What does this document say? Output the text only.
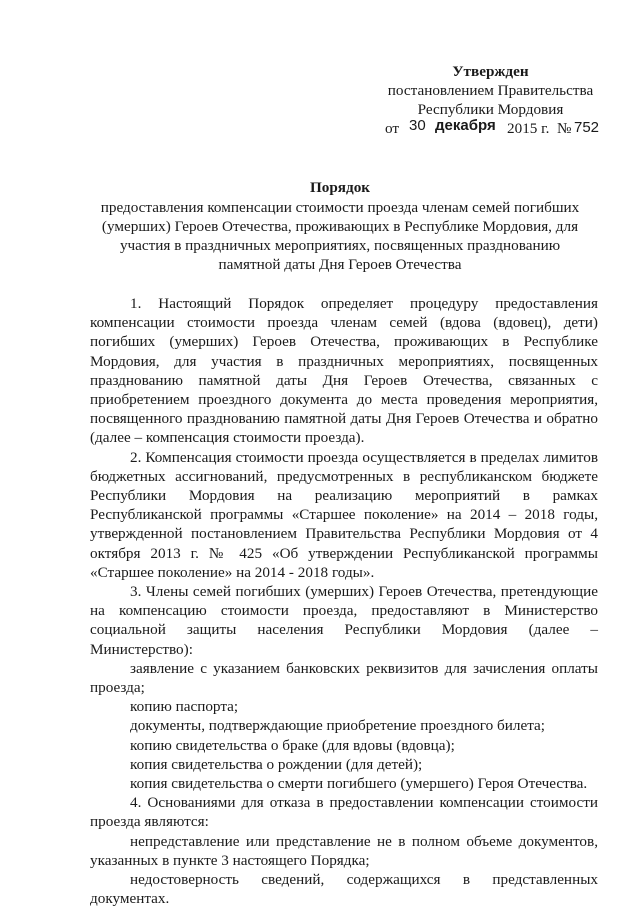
Утвержден
постановлением Правительства
Республики Мордовия
от 30 декабря 2015 г. № 752
Порядок
предоставления компенсации стоимости проезда членам семей погибших
(умерших) Героев Отечества, проживающих в Республике Мордовия, для
участия в праздничных мероприятиях, посвященных празднованию
памятной даты Дня Героев Отечества

1. Настоящий Порядок определяет процедуру предоставления компенсации стоимости проезда членам семей (вдова (вдовец), дети) погибших (умерших) Героев Отечества, проживающих в Республике Мордовия, для участия в праздничных мероприятиях, посвященных празднованию памятной даты Дня Героев Отечества, связанных с приобретением проездного документа до места проведения мероприятия, посвященного празднованию памятной даты Дня Героев Отечества и обратно (далее – компенсация стоимости проезда).

2. Компенсация стоимости проезда осуществляется в пределах лимитов бюджетных ассигнований, предусмотренных в республиканском бюджете Республики Мордовия на реализацию мероприятий в рамках Республиканской программы «Старшее поколение» на 2014 – 2018 годы, утвержденной постановлением Правительства Республики Мордовия от 4 октября 2013 г. № 425 «Об утверждении Республиканской программы «Старшее поколение» на 2014 - 2018 годы».

3. Члены семей погибших (умерших) Героев Отечества, претендующие на компенсацию стоимости проезда, предоставляют в Министерство социальной защиты населения Республики Мордовия (далее – Министерство):

заявление с указанием банковских реквизитов для зачисления оплаты проезда;

копию паспорта;

документы, подтверждающие приобретение проездного билета;

копию свидетельства о браке (для вдовы (вдовца);

копия свидетельства о рождении (для детей);

копия свидетельства о смерти погибшего (умершего) Героя Отечества.

4. Основаниями для отказа в предоставлении компенсации стоимости проезда являются:

непредставление или представление не в полном объеме документов, указанных в пункте 3 настоящего Порядка;

недостоверность сведений, содержащихся в представленных документах.
